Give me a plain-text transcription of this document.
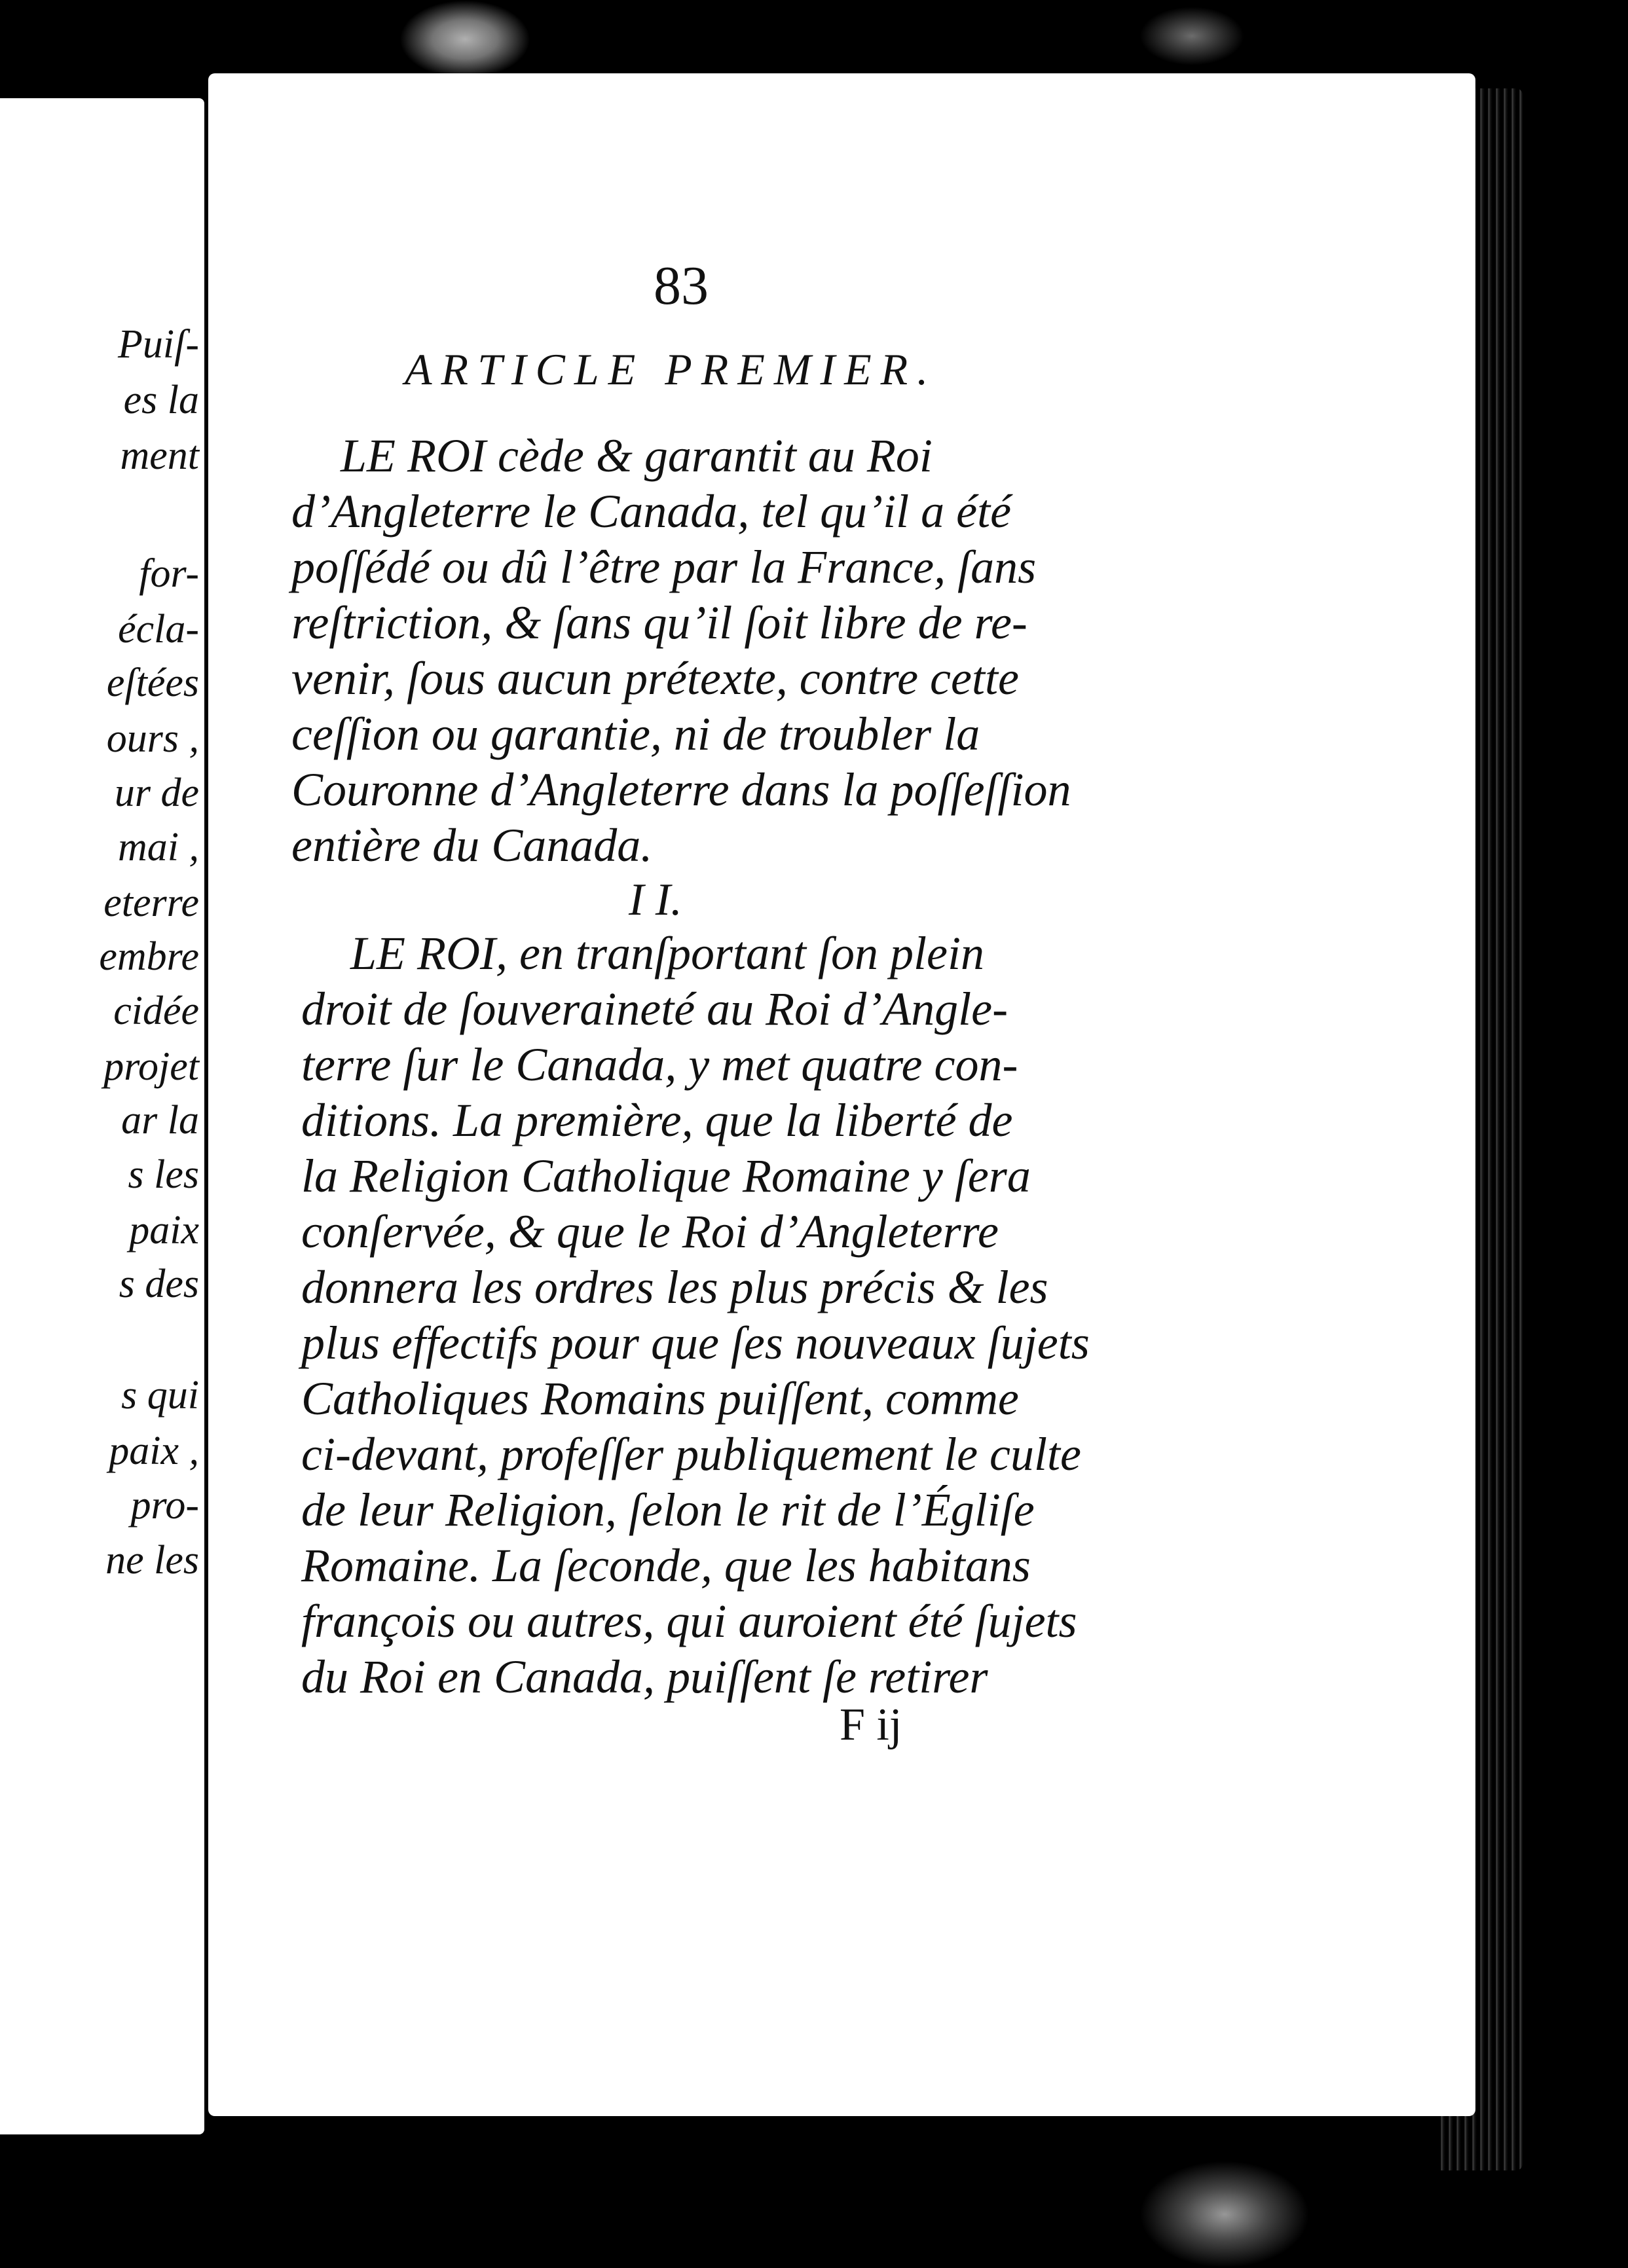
Puiſ-
es la
ment
for-
écla-
eſtées
ours ,
ur de
mai ,
eterre
embre
cidée
projet
ar la
s les
paix
s des
s qui
paix ,
pro-
ne les
83
ARTICLE PREMIER.
LE ROI cède & garantit au Roi
d’Angleterre le Canada, tel qu’il a été
poſſédé ou dû l’être par la France, ſans
reſtriction, & ſans qu’il ſoit libre de re-
venir, ſous aucun prétexte, contre cette
ceſſion ou garantie, ni de troubler la
Couronne d’Angleterre dans la poſſeſſion
entière du Canada.
I I.
LE ROI, en tranſportant ſon plein
droit de ſouveraineté au Roi d’Angle-
terre ſur le Canada, y met quatre con-
ditions. La première, que la liberté de
la Religion Catholique Romaine y ſera
conſervée, & que le Roi d’Angleterre
donnera les ordres les plus précis & les
plus effectifs pour que ſes nouveaux ſujets
Catholiques Romains puiſſent, comme
ci-devant, profeſſer publiquement le culte
de leur Religion, ſelon le rit de l’Égliſe
Romaine. La ſeconde, que les habitans
françois ou autres, qui auroient été ſujets
du Roi en Canada, puiſſent ſe retirer
F ij
